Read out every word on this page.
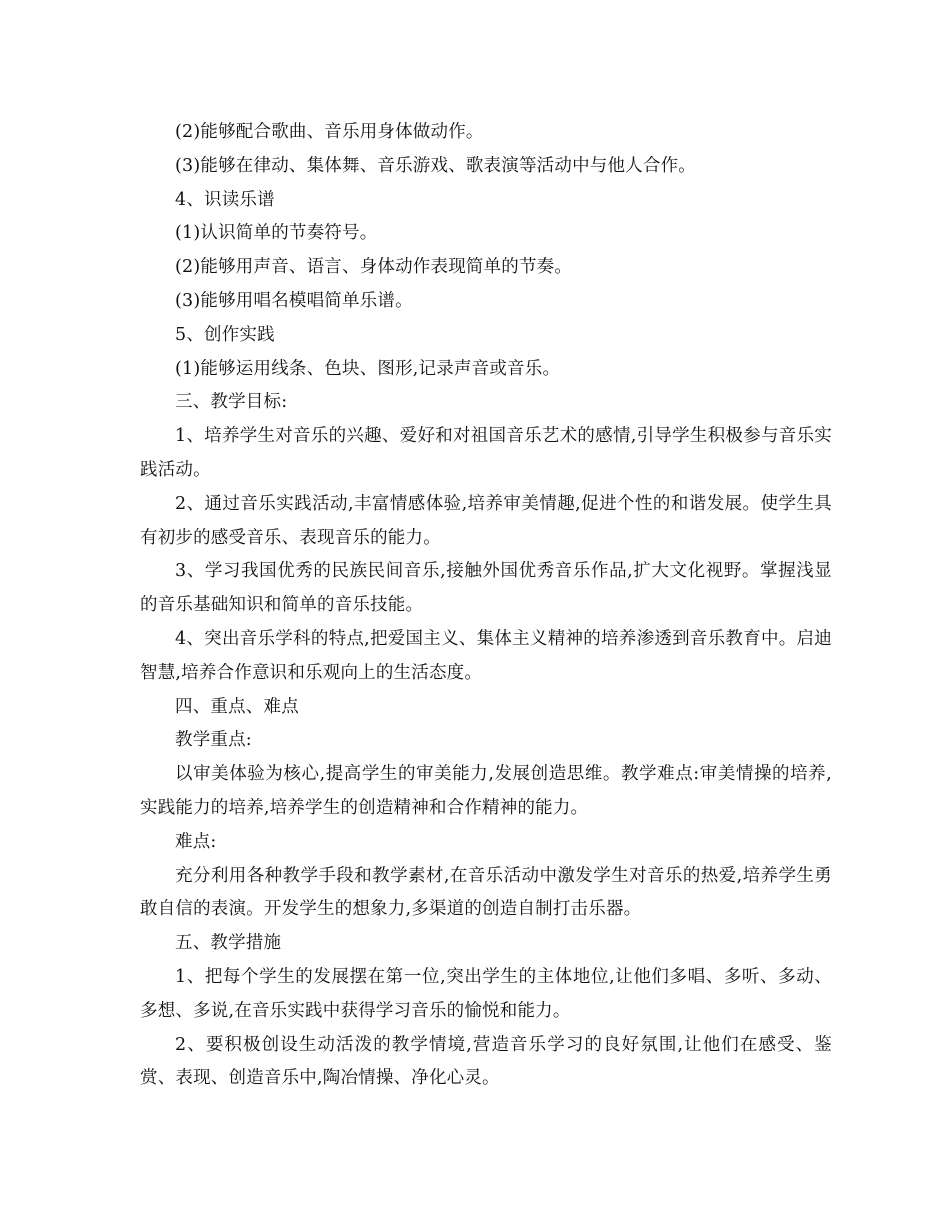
(2)能够配合歌曲、音乐用身体做动作。

(3)能够在律动、集体舞、音乐游戏、歌表演等活动中与他人合作。

4、识读乐谱

(1)认识简单的节奏符号。

(2)能够用声音、语言、身体动作表现简单的节奏。

(3)能够用唱名模唱简单乐谱。

5、创作实践

(1)能够运用线条、色块、图形,记录声音或音乐。

三、教学目标:

1、培养学生对音乐的兴趣、爱好和对祖国音乐艺术的感情,引导学生积极参与音乐实践活动。

2、通过音乐实践活动,丰富情感体验,培养审美情趣,促进个性的和谐发展。使学生具有初步的感受音乐、表现音乐的能力。

3、学习我国优秀的民族民间音乐,接触外国优秀音乐作品,扩大文化视野。掌握浅显的音乐基础知识和简单的音乐技能。

4、突出音乐学科的特点,把爱国主义、集体主义精神的培养渗透到音乐教育中。启迪智慧,培养合作意识和乐观向上的生活态度。

四、重点、难点

教学重点:

以审美体验为核心,提高学生的审美能力,发展创造思维。教学难点:审美情操的培养,实践能力的培养,培养学生的创造精神和合作精神的能力。

难点:

充分利用各种教学手段和教学素材,在音乐活动中激发学生对音乐的热爱,培养学生勇敢自信的表演。开发学生的想象力,多渠道的创造自制打击乐器。

五、教学措施

1、把每个学生的发展摆在第一位,突出学生的主体地位,让他们多唱、多听、多动、多想、多说,在音乐实践中获得学习音乐的愉悦和能力。

2、要积极创设生动活泼的教学情境,营造音乐学习的良好氛围,让他们在感受、鉴赏、表现、创造音乐中,陶冶情操、净化心灵。
